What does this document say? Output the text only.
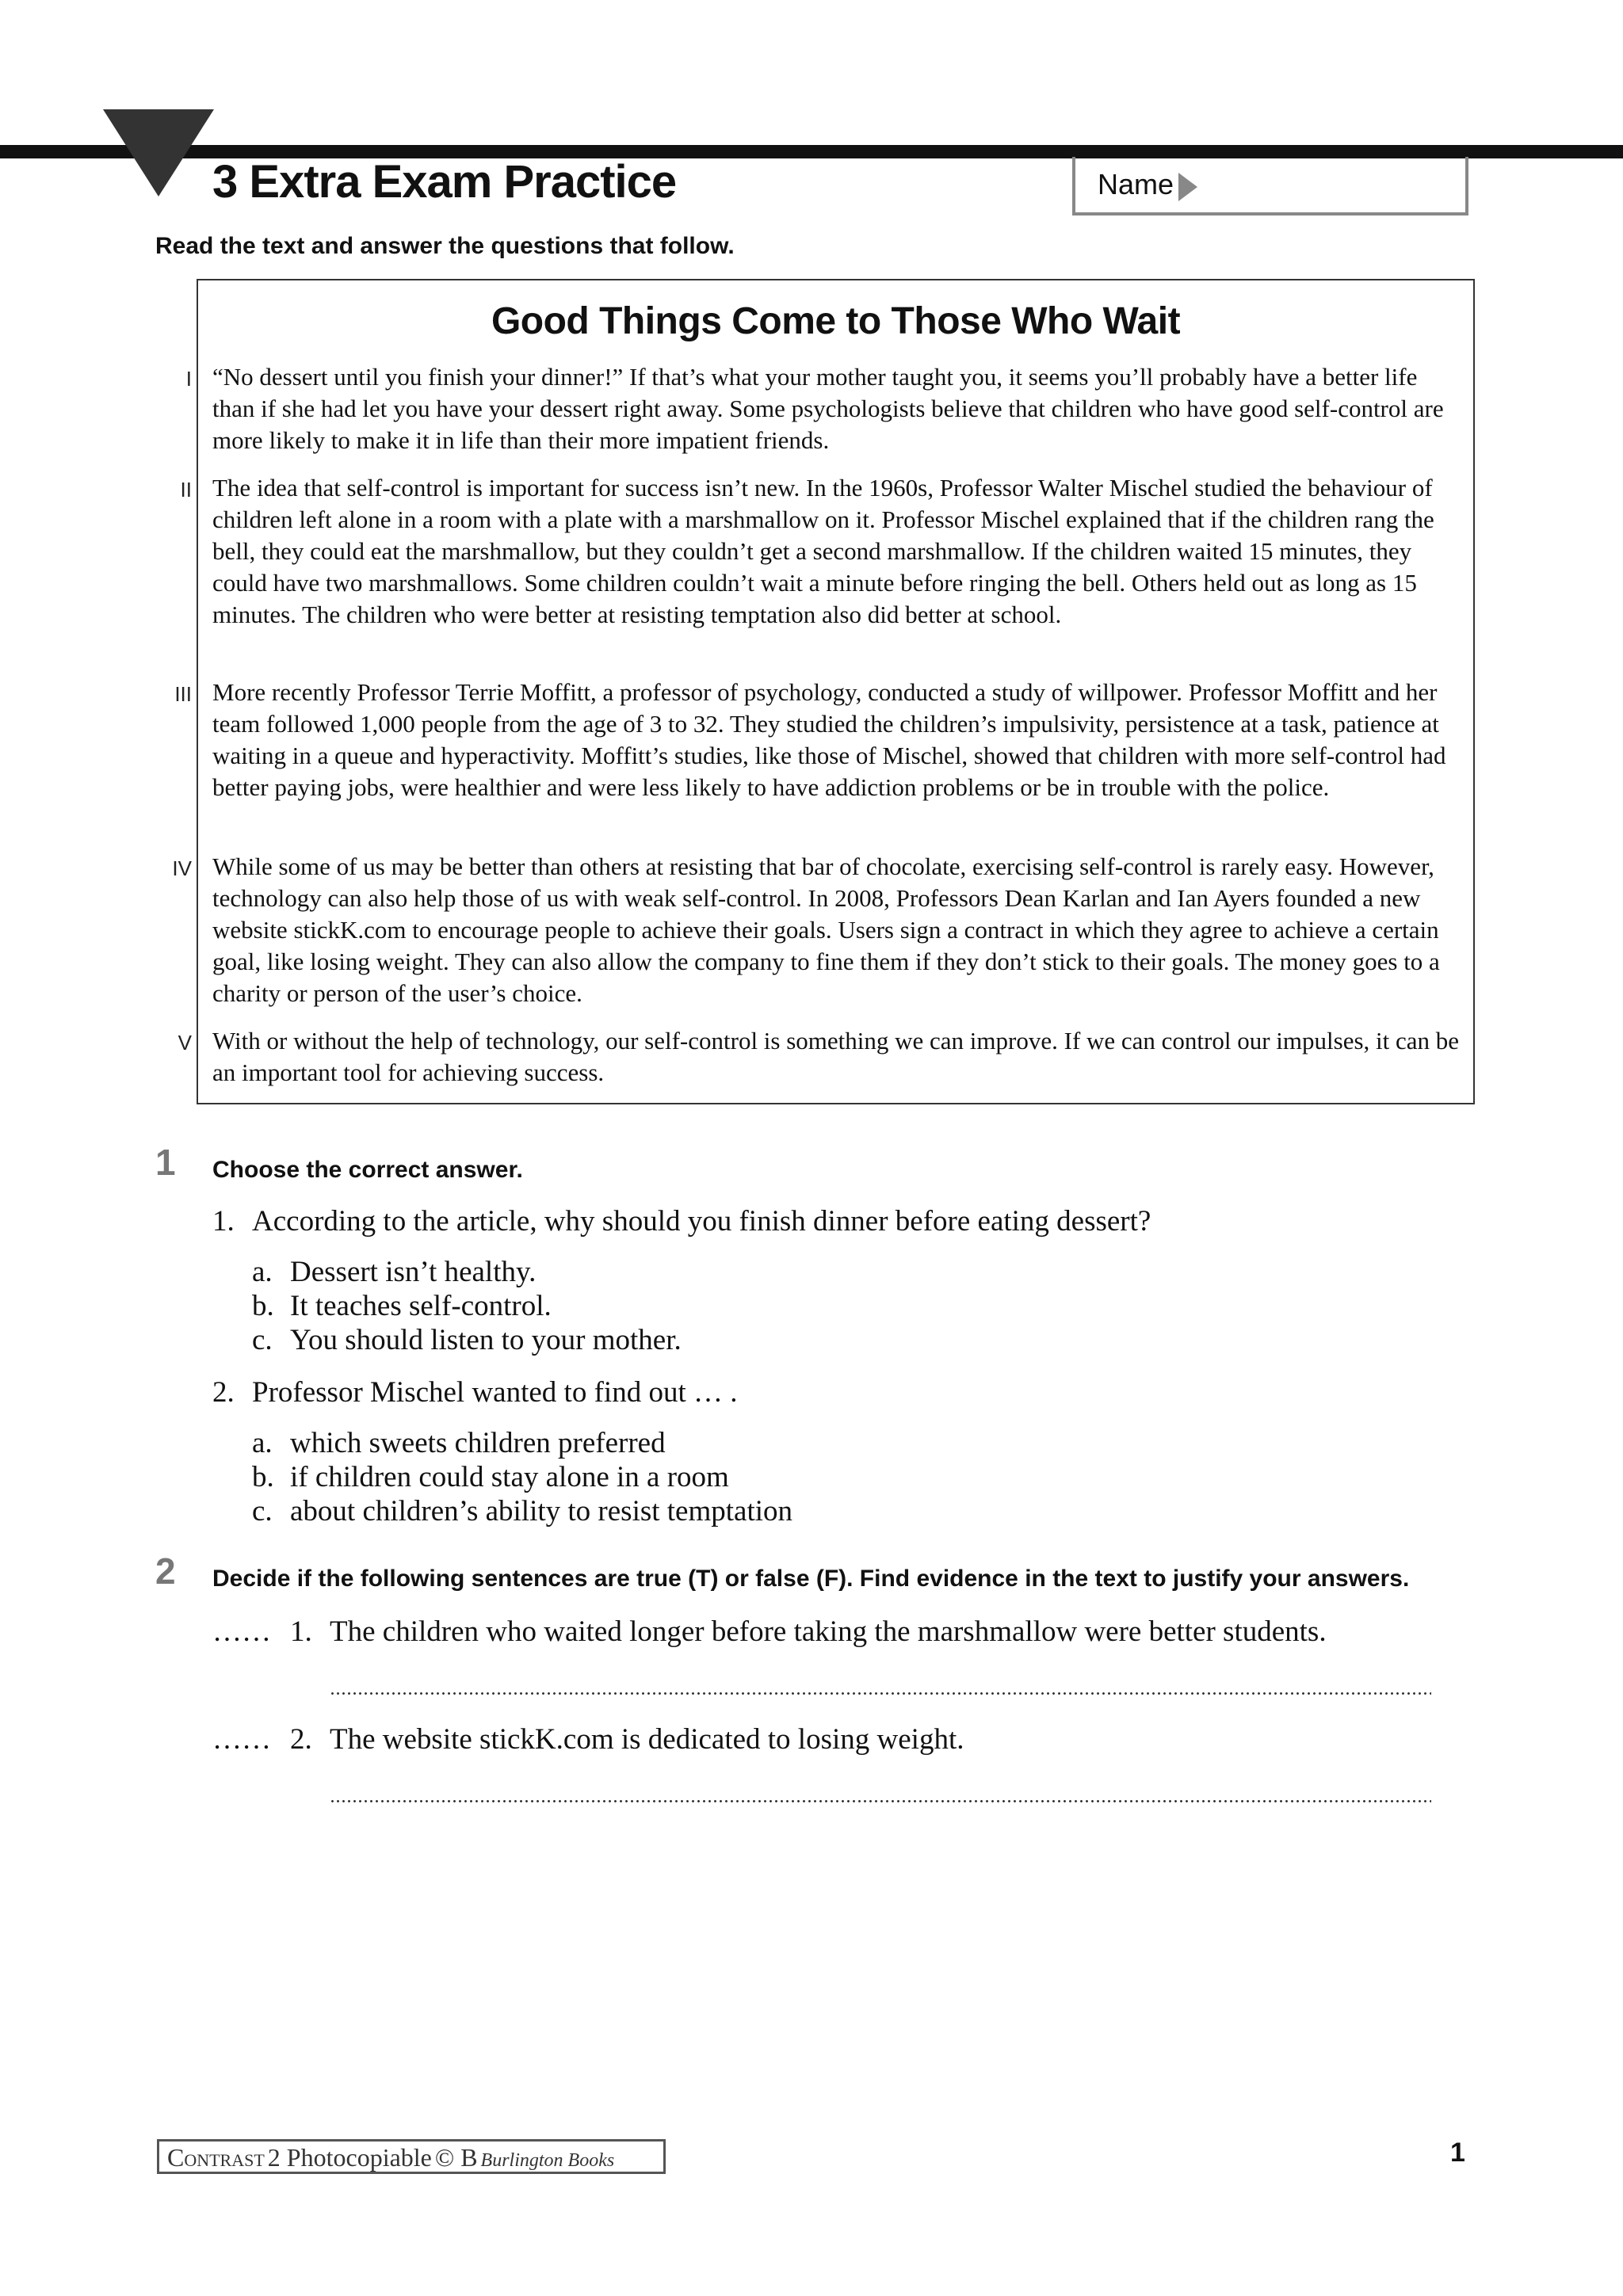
3 Extra Exam Practice	Name
Read the text and answer the questions that follow.
Good Things Come to Those Who Wait
I “No dessert until you finish your dinner!” If that’s what your mother taught you, it seems you’ll probably have a better life than if she had let you have your dessert right away. Some psychologists believe that children who have good self-control are more likely to make it in life than their more impatient friends.
II The idea that self-control is important for success isn’t new. In the 1960s, Professor Walter Mischel studied the behaviour of children left alone in a room with a plate with a marshmallow on it. Professor Mischel explained that if the children rang the bell, they could eat the marshmallow, but they couldn’t get a second marshmallow. If the children waited 15 minutes, they could have two marshmallows. Some children couldn’t wait a minute before ringing the bell. Others held out as long as 15 minutes. The children who were better at resisting temptation also did better at school.
III More recently Professor Terrie Moffitt, a professor of psychology, conducted a study of willpower. Professor Moffitt and her team followed 1,000 people from the age of 3 to 32. They studied the children’s impulsivity, persistence at a task, patience at waiting in a queue and hyperactivity. Moffitt’s studies, like those of Mischel, showed that children with more self-control had better paying jobs, were healthier and were less likely to have addiction problems or be in trouble with the police.
IV While some of us may be better than others at resisting that bar of chocolate, exercising self-control is rarely easy. However, technology can also help those of us with weak self-control. In 2008, Professors Dean Karlan and Ian Ayers founded a new website stickK.com to encourage people to achieve their goals. Users sign a contract in which they agree to achieve a certain goal, like losing weight. They can also allow the company to fine them if they don’t stick to their goals. The money goes to a charity or person of the user’s choice.
V With or without the help of technology, our self-control is something we can improve. If we can control our impulses, it can be an important tool for achieving success.
1 Choose the correct answer.
1. According to the article, why should you finish dinner before eating dessert?
a. Dessert isn’t healthy.
b. It teaches self-control.
c. You should listen to your mother.
2. Professor Mischel wanted to find out … .
a. which sweets children preferred
b. if children could stay alone in a room
c. about children’s ability to resist temptation
2 Decide if the following sentences are true (T) or false (F). Find evidence in the text to justify your answers.
…… 1. The children who waited longer before taking the marshmallow were better students.
…… 2. The website stickK.com is dedicated to losing weight.
Contrast 2 Photocopiable © B Burlington Books	1
